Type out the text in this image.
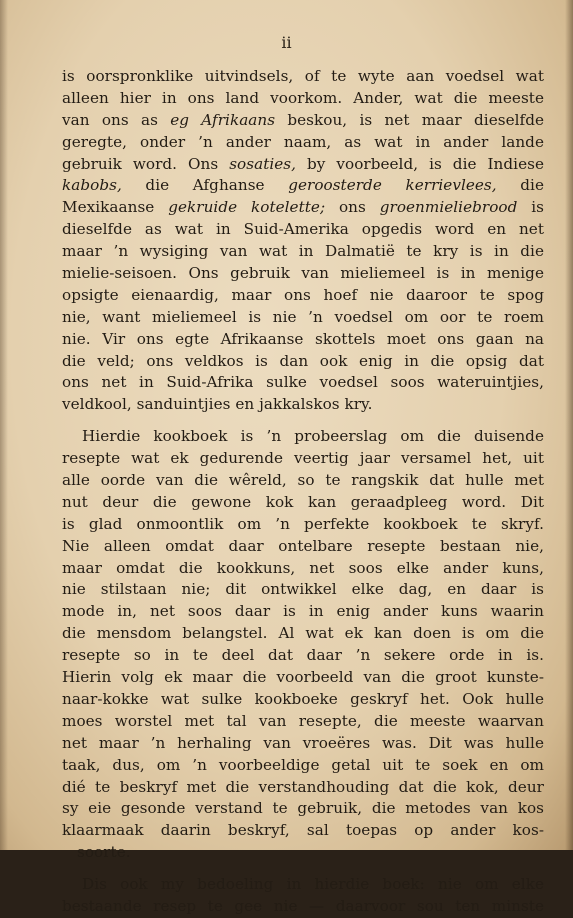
ii
is oorspronklike uitvindsels, of te wyte aan voedsel wat
alleen hier in ons land voorkom. Ander, wat die meeste
van ons as eg Afrikaans beskou, is net maar dieselfde
geregte, onder ’n ander naam, as wat in ander lande
gebruik word. Ons sosaties, by voorbeeld, is die Indiese
kabobs, die Afghanse geroosterde kerrievlees, die
Mexikaanse gekruide kotelette; ons groenmieliebrood is
dieselfde as wat in Suid-Amerika opgedis word en net
maar ’n wysiging van wat in Dalmatië te kry is in die
mielie-seisoen. Ons gebruik van mieliemeel is in menige
opsigte eienaardig, maar ons hoef nie daaroor te spog
nie, want mieliemeel is nie ’n voedsel om oor te roem
nie. Vir ons egte Afrikaanse skottels moet ons gaan na
die veld; ons veldkos is dan ook enig in die opsig dat
ons net in Suid-Afrika sulke voedsel soos wateruintjies,
veldkool, sanduintjies en jakkalskos kry.
Hierdie kookboek is ’n probeerslag om die duisende
resepte wat ek gedurende veertig jaar versamel het, uit
alle oorde van die wêreld, so te rangskik dat hulle met
nut deur die gewone kok kan geraadpleeg word. Dit
is glad onmoontlik om ’n perfekte kookboek te skryf.
Nie alleen omdat daar ontelbare resepte bestaan nie,
maar omdat die kookkuns, net soos elke ander kuns,
nie stilstaan nie; dit ontwikkel elke dag, en daar is
mode in, net soos daar is in enig ander kuns waarin
die mensdom belangstel. Al wat ek kan doen is om die
resepte so in te deel dat daar ’n sekere orde in is.
Hierin volg ek maar die voorbeeld van die groot kunste-
naar-kokke wat sulke kookboeke geskryf het. Ook hulle
moes worstel met tal van resepte, die meeste waarvan
net maar ’n herhaling van vroeëres was. Dit was hulle
taak, dus, om ’n voorbeeldige getal uit te soek en om
dié te beskryf met die verstandhouding dat die kok, deur
sy eie gesonde verstand te gebruik, die metodes van kos
klaarmaak daarin beskryf, sal toepas op ander kos-
soorte.
Dis ook my bedoeling in hierdie boek: nie om elke
bestaande resep te gee nie — daarvoor sou ten minste
